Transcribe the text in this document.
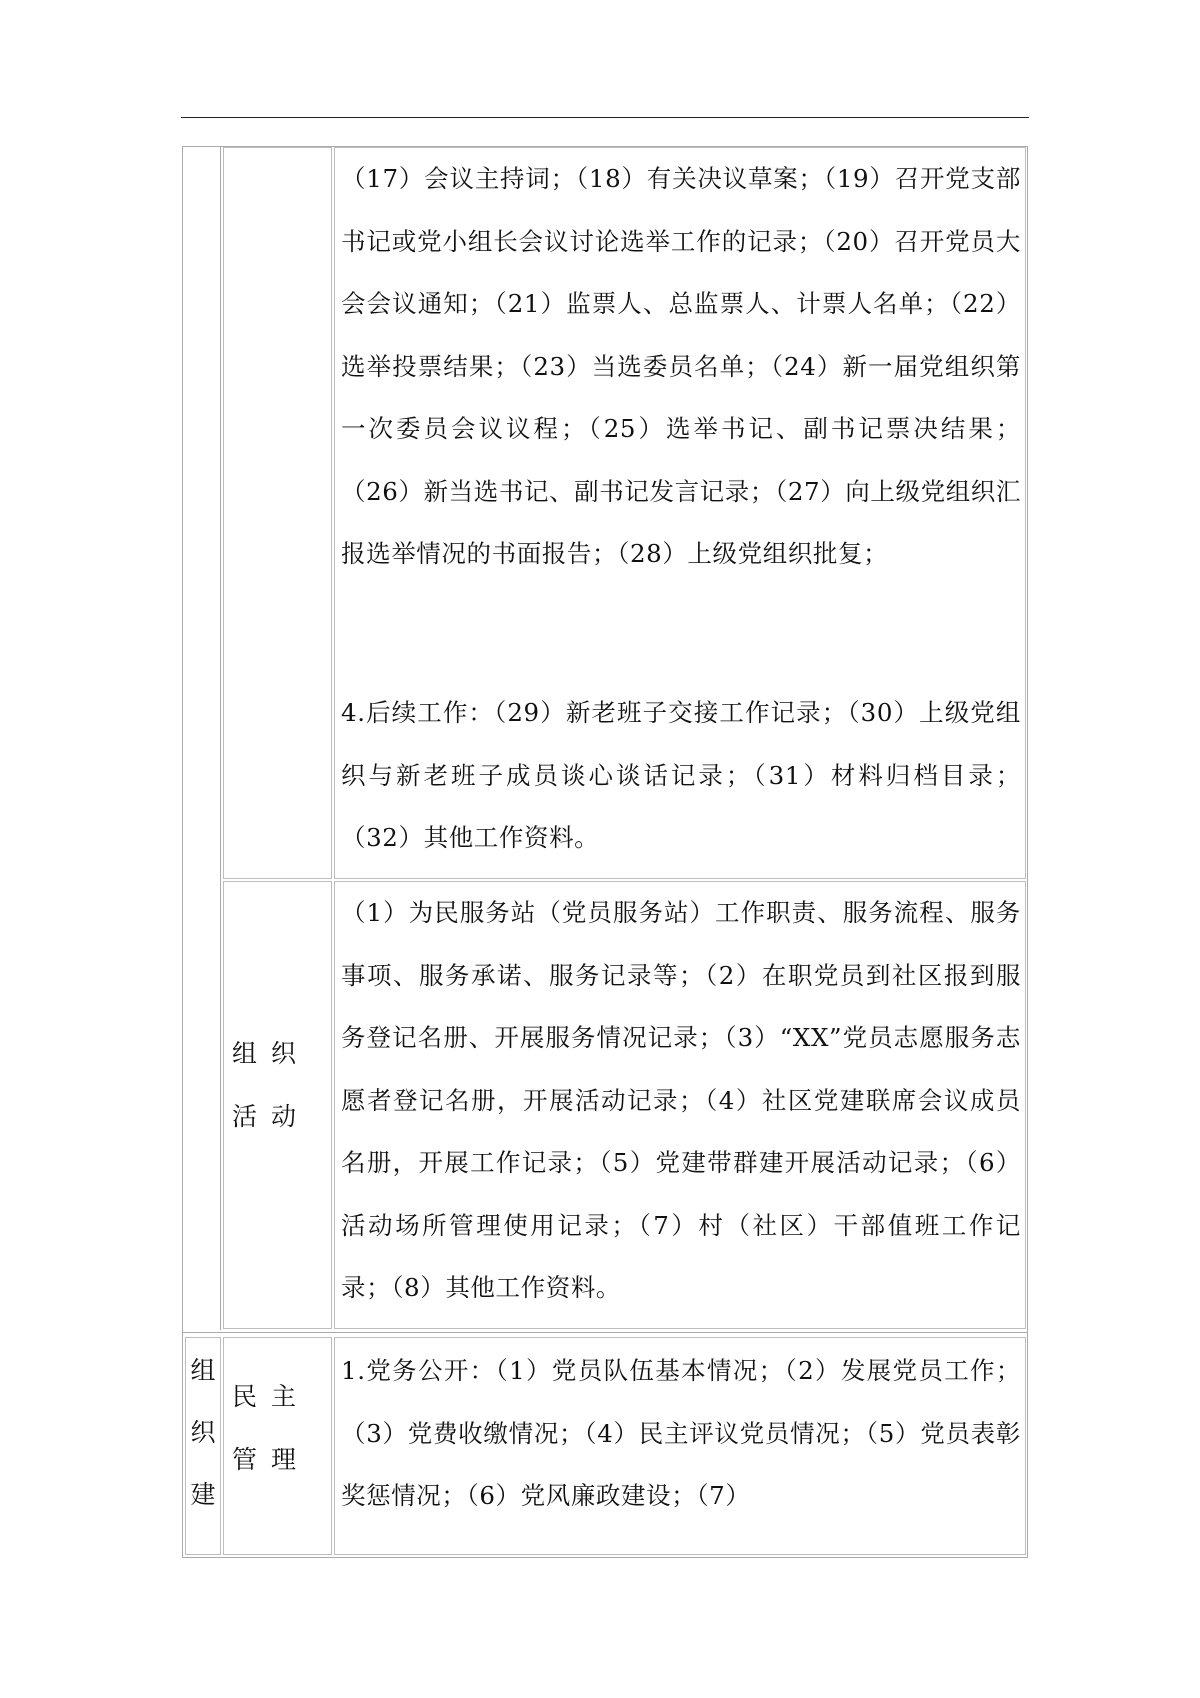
（17）会议主持词；（18）有关决议草案；（19）召开党支部书记或党小组长会议讨论选举工作的记录；（20）召开党员大会会议通知；（21）监票人、总监票人、计票人名单；（22）选举投票结果；（23）当选委员名单；（24）新一届党组织第一次委员会议议程；（25）选举书记、副书记票决结果；（26）新当选书记、副书记发言记录；（27）向上级党组织汇报选举情况的书面报告；（28）上级党组织批复；
4.后续工作：（29）新老班子交接工作记录；（30）上级党组织与新老班子成员谈心谈话记录；（31）材料归档目录；（32）其他工作资料。
组织活动
（1）为民服务站（党员服务站）工作职责、服务流程、服务事项、服务承诺、服务记录等；（2）在职党员到社区报到服务登记名册、开展服务情况记录；（3）“XX”党员志愿服务志愿者登记名册，开展活动记录；（4）社区党建联席会议成员名册，开展工作记录；（5）党建带群建开展活动记录；（6）活动场所管理使用记录；（7）村（社区）干部值班工作记录；（8）其他工作资料。
组织建
民主管理
1.党务公开：（1）党员队伍基本情况；（2）发展党员工作；（3）党费收缴情况；（4）民主评议党员情况；（5）党员表彰奖惩情况；（6）党风廉政建设；（7）
